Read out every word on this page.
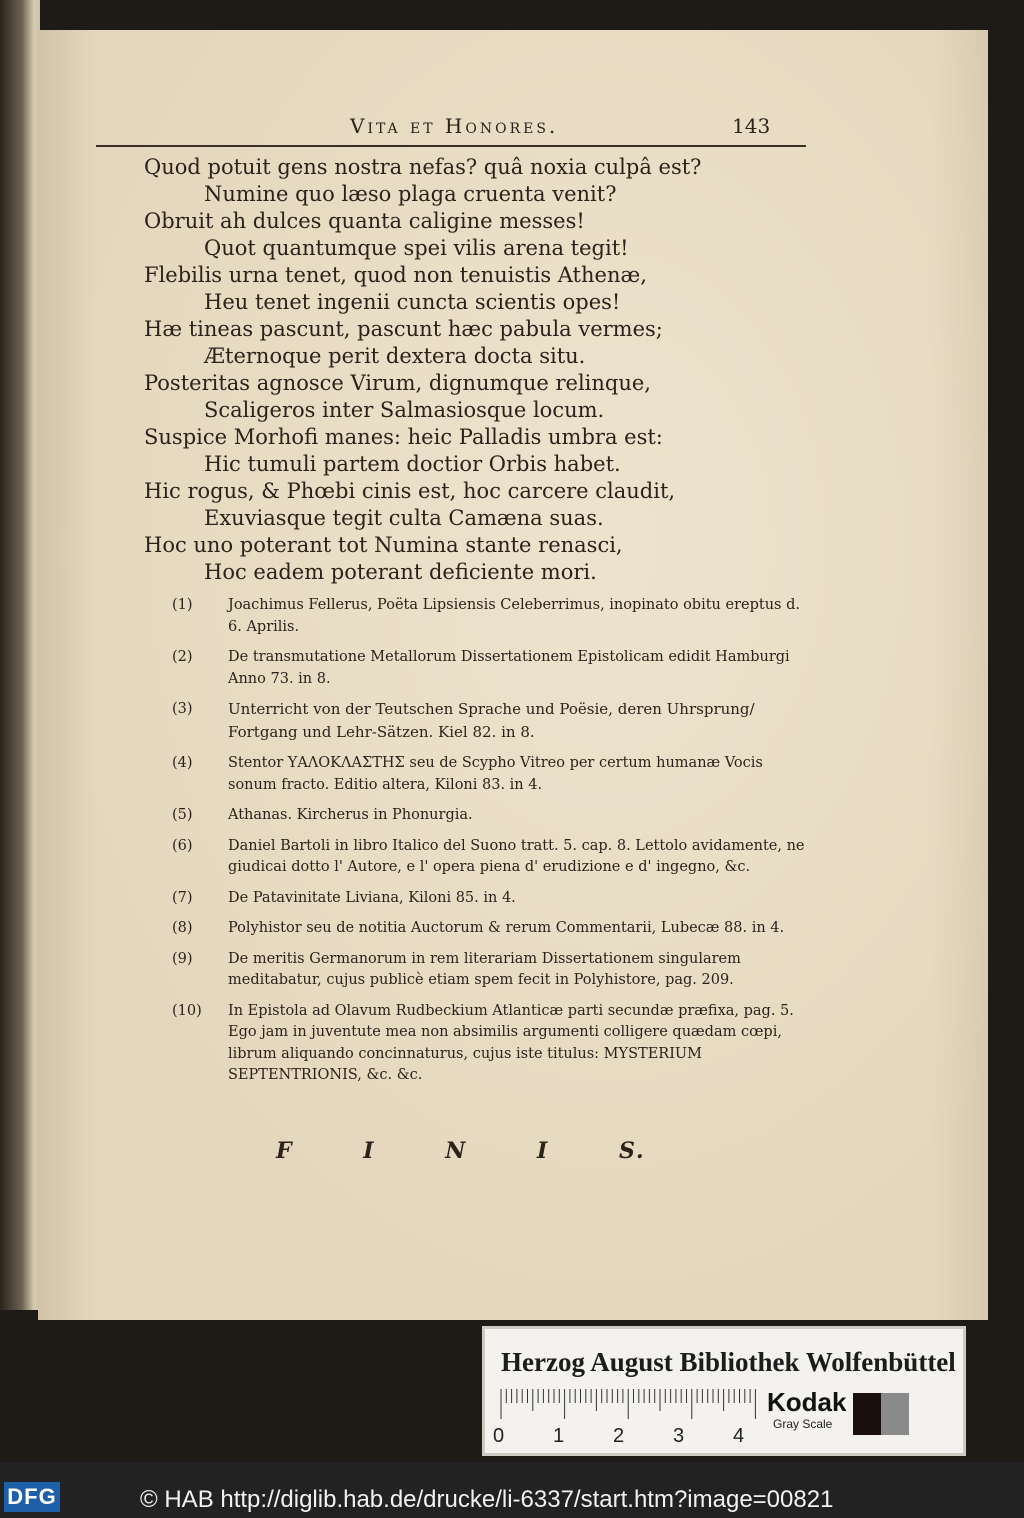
Vita et Honores.	143
Quod potuit gens nostra nefas? quâ noxia culpâ est?
Numine quo læso plaga cruenta venit?
Obruit ah dulces quanta caligine messes!
Quot quantumque spei vilis arena tegit!
Flebilis urna tenet, quod non tenuistis Athenæ,
Heu tenet ingenii cuncta scientis opes!
Hæ tineas pascunt, pascunt hæc pabula vermes;
Æternoque perit dextera docta situ.
Posteritas agnosce Virum, dignumque relinque,
Scaligeros inter Salmasiosque locum.
Suspice Morhofi manes: heic Palladis umbra est:
Hic tumuli partem doctior Orbis habet.
Hic rogus, & Phœbi cinis est, hoc carcere claudit,
Exuviasque tegit culta Camæna suas.
Hoc uno poterant tot Numina stante renasci,
Hoc eadem poterant deficiente mori.
(1) Joachimus Fellerus, Poëta Lipsiensis Celeberrimus, inopinato obitu ereptus d. 6. Aprilis.
(2) De transmutatione Metallorum Dissertationem Epistolicam edidit Hamburgi Anno 73. in 8.
(3) Unterricht von der Teutschen Sprache und Poësie, deren Uhrsprung/ Fortgang und Lehr-Sätzen. Kiel 82. in 8.
(4) Stentor ΥΑΛΟΚΛΑΣΤΗΣ seu de Scypho Vitreo per certum humanæ Vocis sonum fracto. Editio altera, Kiloni 83. in 4.
(5) Athanas. Kircherus in Phonurgia.
(6) Daniel Bartoli in libro Italico del Suono tratt. 5. cap. 8. Lettolo avidamente, ne giudicai dotto l' Autore, e l' opera piena d' erudizione e d' ingegno, &c.
(7) De Patavinitate Liviana, Kiloni 85. in 4.
(8) Polyhistor seu de notitia Auctorum & rerum Commentarii, Lubecæ 88. in 4.
(9) De meritis Germanorum in rem literariam Dissertationem singularem meditabatur, cujus publicè etiam spem fecit in Polyhistore, pag. 209.
(10) In Epistola ad Olavum Rudbeckium Atlanticæ parti secundæ præfixa, pag. 5. Ego jam in juventute mea non absimilis argumenti colligere quædam cœpi, librum aliquando concinnaturus, cujus iste titulus: MYSTERIUM SEPTENTRIONIS, &c. &c.
F I N I S.
Herzog August Bibliothek Wolfenbüttel
0 1 2 3 4
Kodak
Gray Scale
DFG	© HAB http://diglib.hab.de/drucke/li-6337/start.htm?image=00821
